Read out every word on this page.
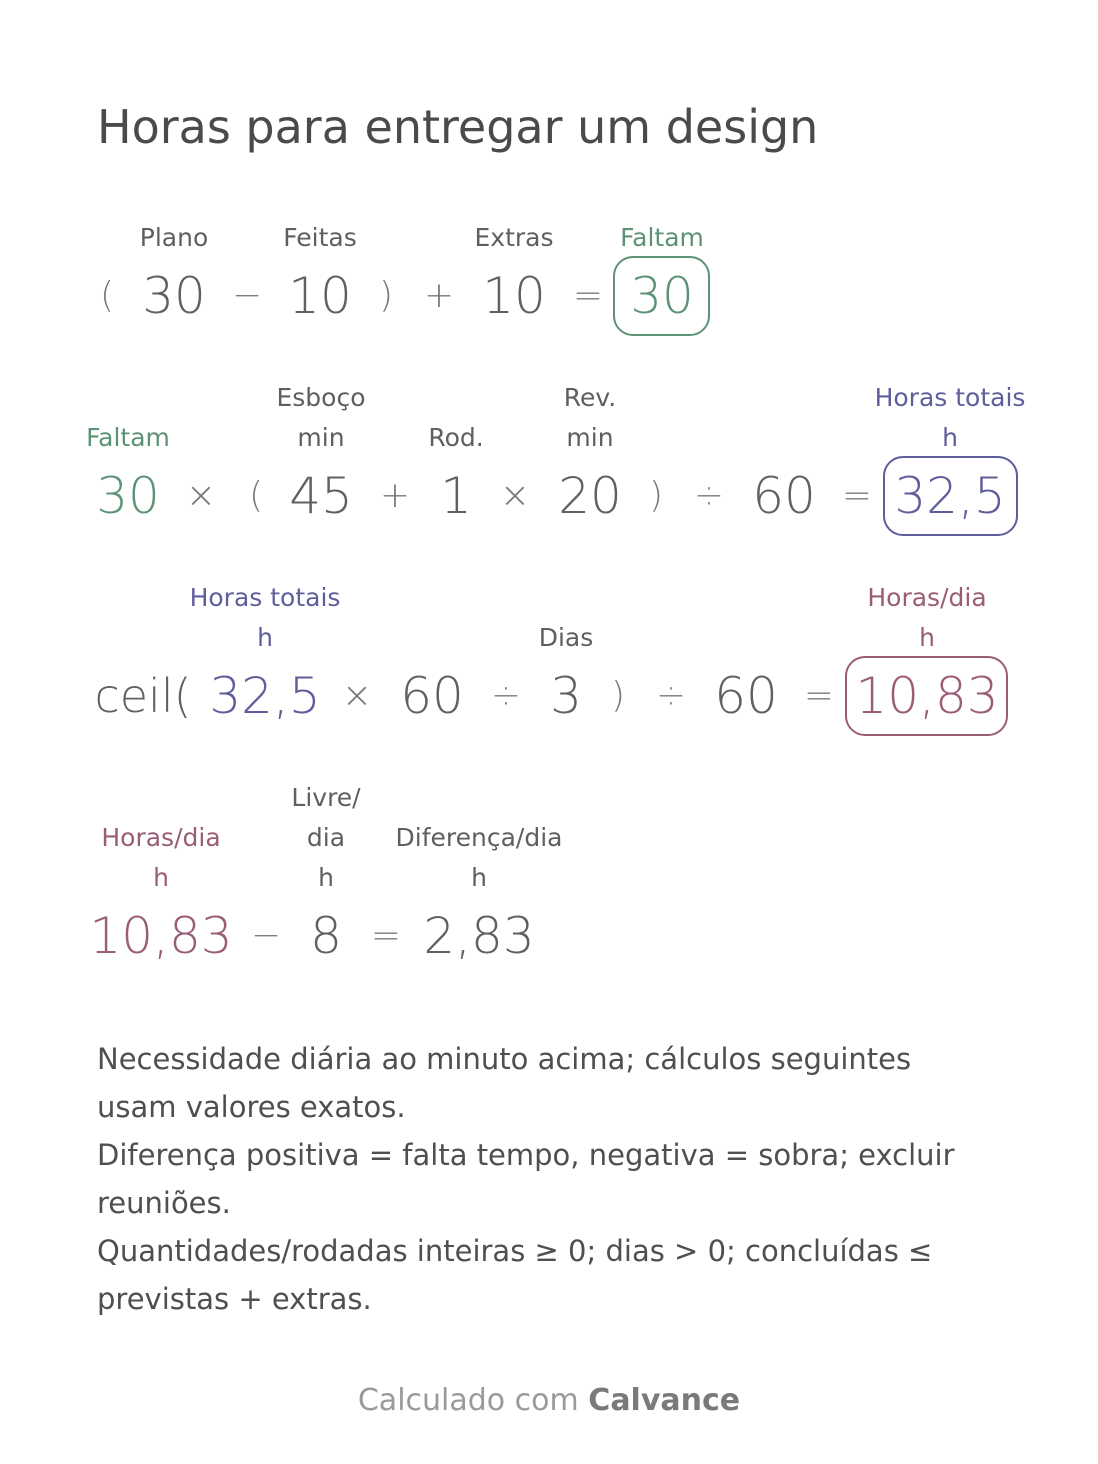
Horas para entregar um design
Plano	Feitas	Extras	Faltam
( 30 − 10 ) + 10 = 30
Faltam
Esboço
min	Rod.
Rev.
min
Horas totais
h
30 × ( 45 + 1 × 20 ) ÷ 60 = 32,5
Horas totais
h	Dias
Horas/dia
h
ceil( 32,5 × 60 ÷ 3 ) ÷ 60 = 10,83
Horas/dia
h
Livre/
dia
h
Diferença/dia
h
10,83 − 8 = 2,83
Necessidade diária ao minuto acima; cálculos seguintes usam valores exatos.
Diferença positiva = falta tempo, negativa = sobra; excluir reuniões.
Quantidades/rodadas inteiras ≥ 0; dias > 0; concluídas ≤ previstas + extras.
Calculado com Calvance
